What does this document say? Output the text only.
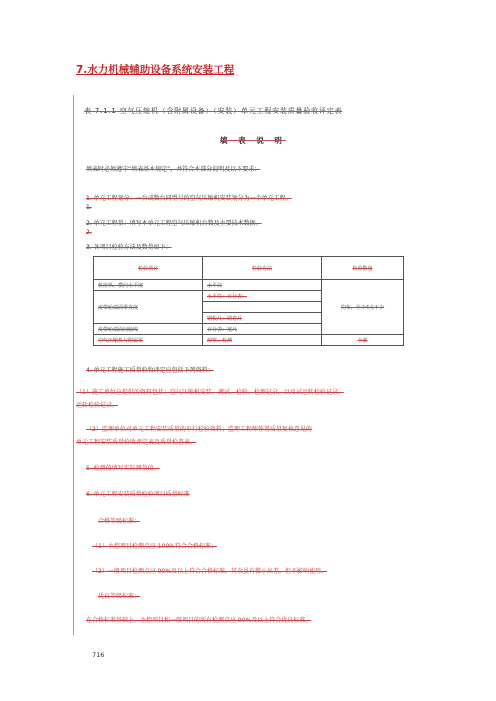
7.水力机械辅助设备系统安装工程
表 7.1.1 空气压缩机（含附属设备）（安装）单元工程安装质量验收评定表
填 表 说 明
填表时必须遵守“填表基本规定”，并符合本部分说明及以下要求：
1. 单元工程划分：一台或数台同型号的空气压缩机安装划分为一个单元工程。
1.
2. 单元工程量：填写本单元工程空气压缩机台数及主要技术数据。
2.
3. 各项目检验方法及数量如下：
检验项目	检验方法	检验数量
机座纵、横向水平度	水平仪	均布，至少4点不少
皮带轮端面垂直度	水平仪：百分表：	

	钢板尺：钢卷尺	
皮带轮端面间轴线	百分表：塞尺	
空气压缩机与附属零	观察、检测	全部
4. 单元工程施工质量验收评定应包括下列资料：
（1）施工单位应提供的资料包括：空气压缩机安装、调试、检验、检测记录，以及试运转检验记录。
运转检验记录。
（2）监理单位对单元工程安装质量的平行检验资料；监理工程师签署质量复核意见的
单元工程安装质量验收评定表及质量检查表。
5. 检测值填写实际测量值。
6. 单元工程安装质量检验项目质量标准
合格等级标准：
（1）主控项目检测点应 100%符合合格标准；
（2）一般项目检测点应 90%及以上符合合格标准，其余虽有微小出差，但不影响使用。
优良等级标准：
在合格标准基础上，主控项目和一般项目的所有检测点应 90%及以上符合优良标准。
716
